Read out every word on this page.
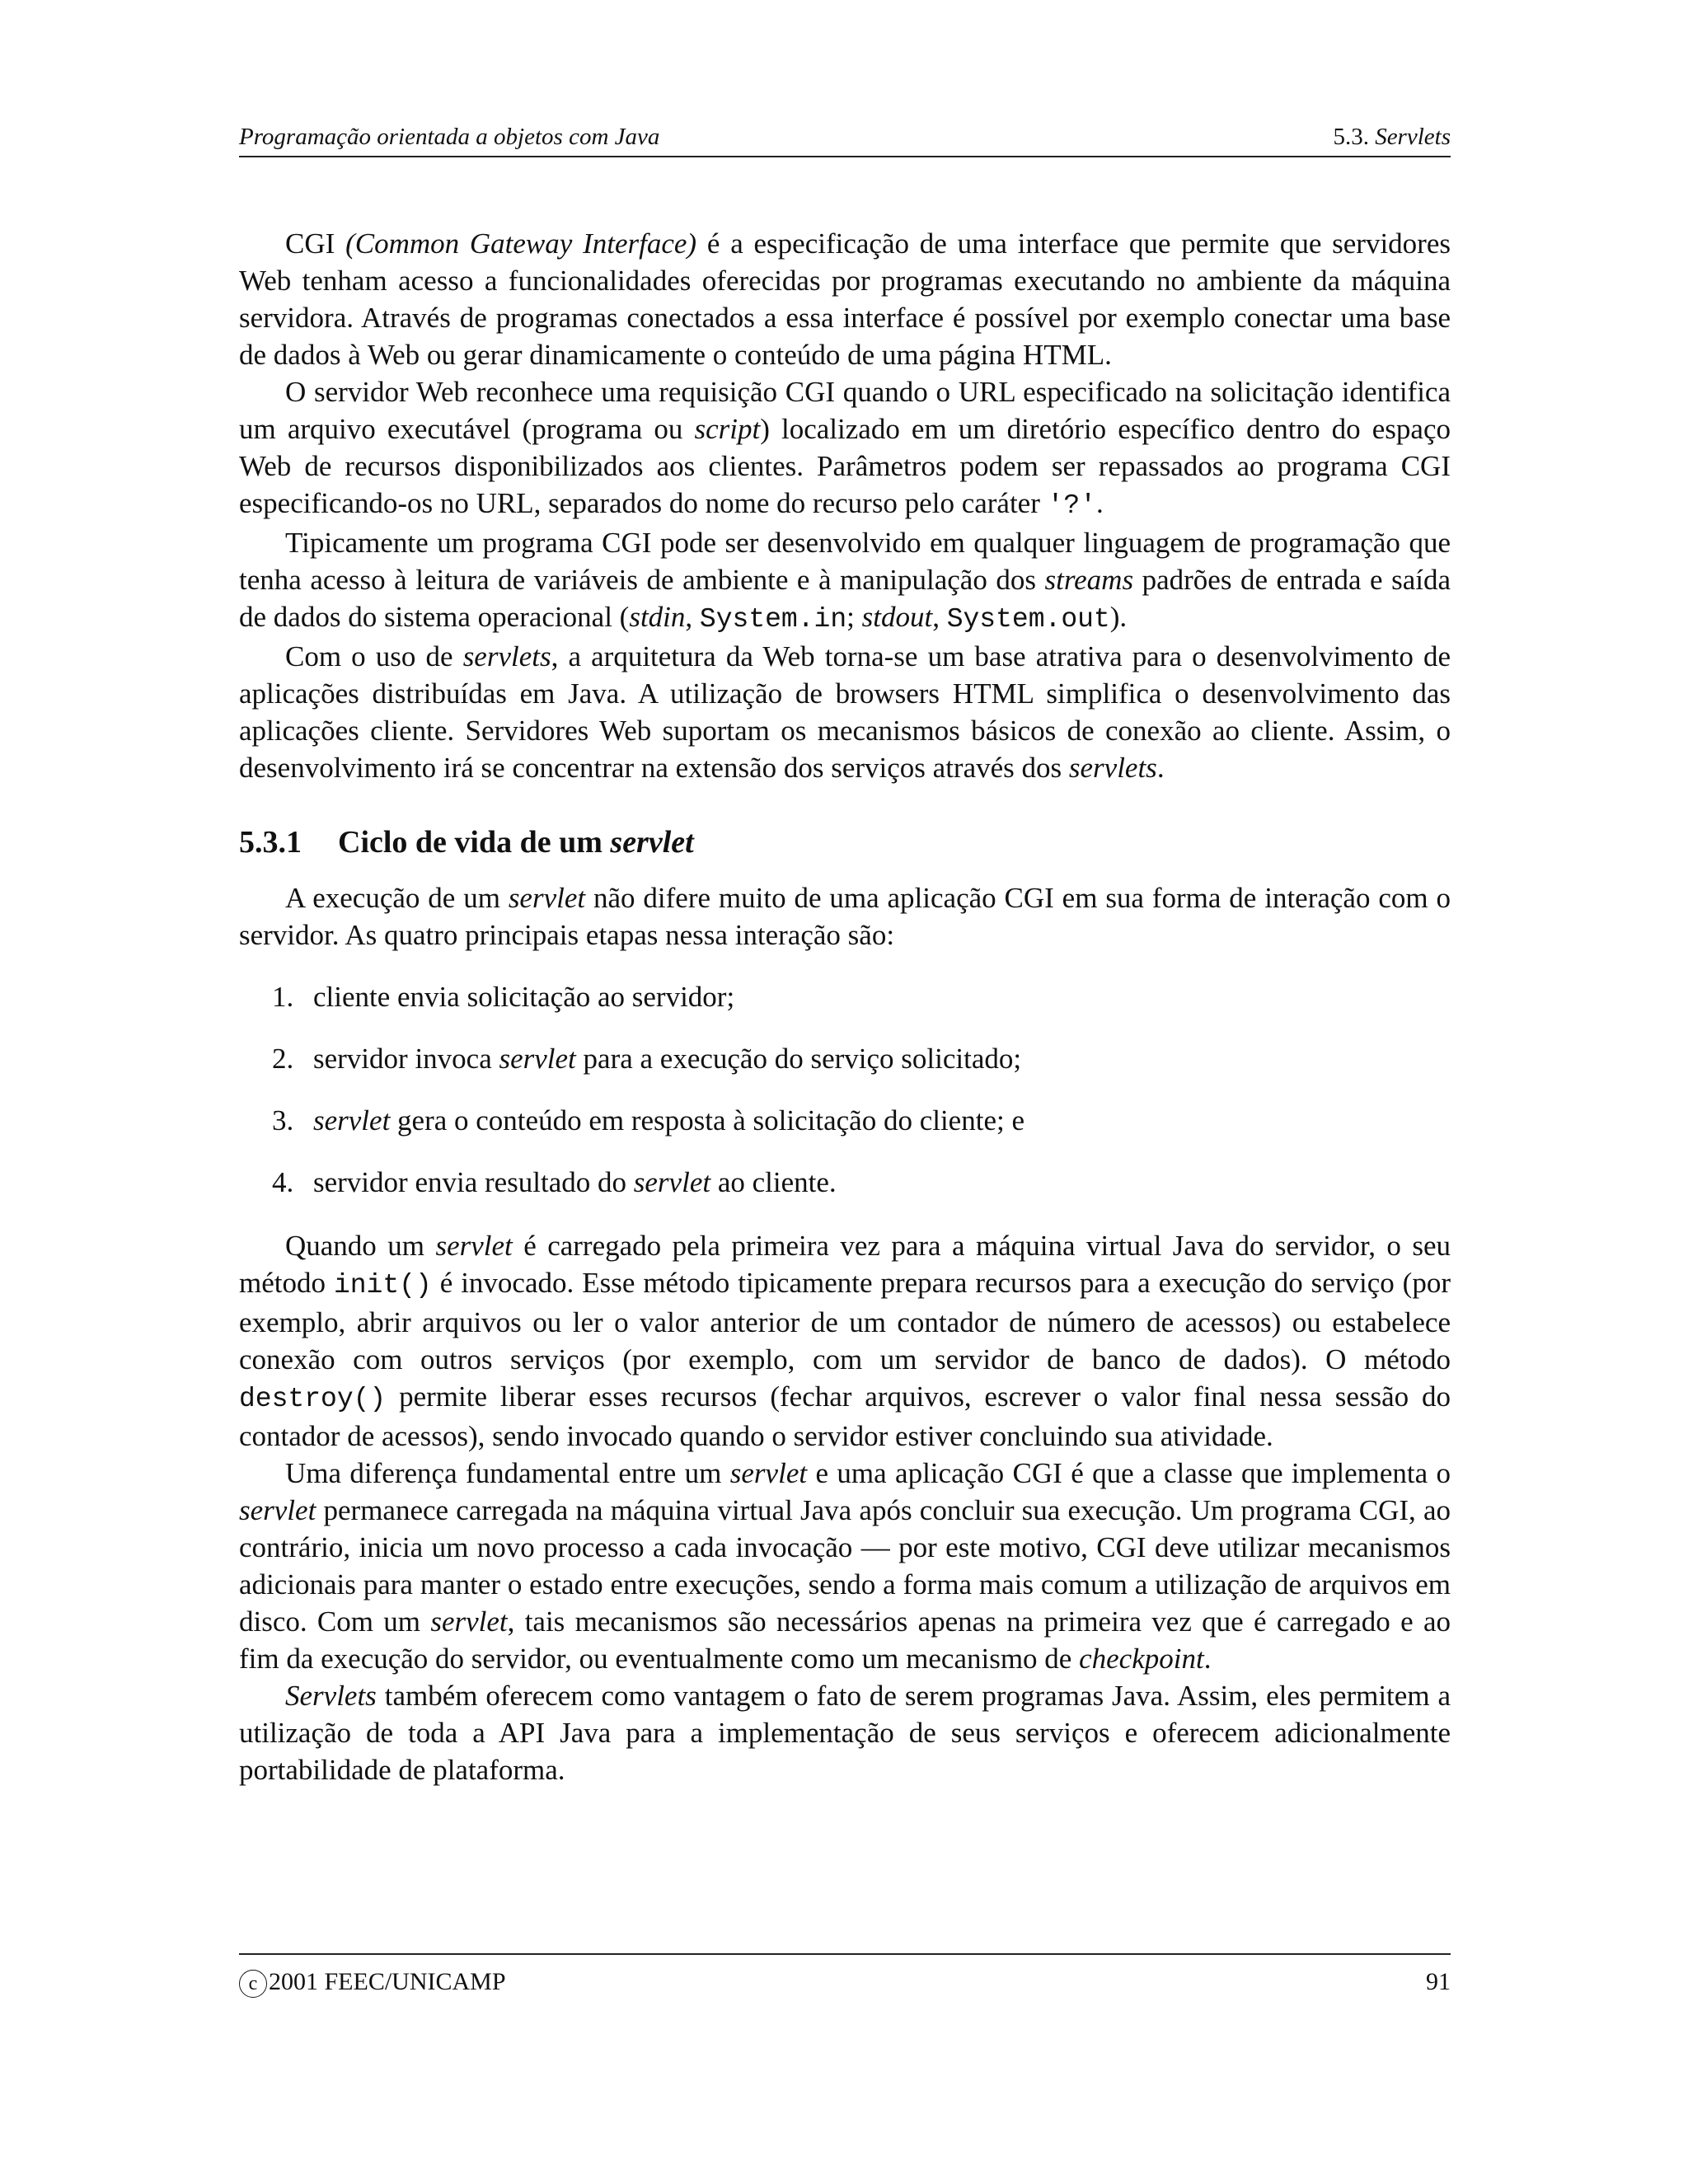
Programação orientada a objetos com Java	5.3. Servlets

CGI (Common Gateway Interface) é a especificação de uma interface que permite que servidores Web tenham acesso a funcionalidades oferecidas por programas executando no ambiente da máquina servidora. Através de programas conectados a essa interface é possível por exemplo conectar uma base de dados à Web ou gerar dinamicamente o conteúdo de uma página HTML.

O servidor Web reconhece uma requisição CGI quando o URL especificado na solicitação identifica um arquivo executável (programa ou script) localizado em um diretório específico dentro do espaço Web de recursos disponibilizados aos clientes. Parâmetros podem ser repassados ao programa CGI especificando-os no URL, separados do nome do recurso pelo caráter '?'.

Tipicamente um programa CGI pode ser desenvolvido em qualquer linguagem de programação que tenha acesso à leitura de variáveis de ambiente e à manipulação dos streams padrões de entrada e saída de dados do sistema operacional (stdin, System.in; stdout, System.out).

Com o uso de servlets, a arquitetura da Web torna-se um base atrativa para o desenvolvimento de aplicações distribuídas em Java. A utilização de browsers HTML simplifica o desenvolvimento das aplicações cliente. Servidores Web suportam os mecanismos básicos de conexão ao cliente. Assim, o desenvolvimento irá se concentrar na extensão dos serviços através dos servlets.

5.3.1 Ciclo de vida de um servlet

A execução de um servlet não difere muito de uma aplicação CGI em sua forma de interação com o servidor. As quatro principais etapas nessa interação são:

1. cliente envia solicitação ao servidor;
2. servidor invoca servlet para a execução do serviço solicitado;
3. servlet gera o conteúdo em resposta à solicitação do cliente; e
4. servidor envia resultado do servlet ao cliente.

Quando um servlet é carregado pela primeira vez para a máquina virtual Java do servidor, o seu método init() é invocado. Esse método tipicamente prepara recursos para a execução do serviço (por exemplo, abrir arquivos ou ler o valor anterior de um contador de número de acessos) ou estabelece conexão com outros serviços (por exemplo, com um servidor de banco de dados). O método destroy() permite liberar esses recursos (fechar arquivos, escrever o valor final nessa sessão do contador de acessos), sendo invocado quando o servidor estiver concluindo sua atividade.

Uma diferença fundamental entre um servlet e uma aplicação CGI é que a classe que implementa o servlet permanece carregada na máquina virtual Java após concluir sua execução. Um programa CGI, ao contrário, inicia um novo processo a cada invocação — por este motivo, CGI deve utilizar mecanismos adicionais para manter o estado entre execuções, sendo a forma mais comum a utilização de arquivos em disco. Com um servlet, tais mecanismos são necessários apenas na primeira vez que é carregado e ao fim da execução do servidor, ou eventualmente como um mecanismo de checkpoint.

Servlets também oferecem como vantagem o fato de serem programas Java. Assim, eles permitem a utilização de toda a API Java para a implementação de seus serviços e oferecem adicionalmente portabilidade de plataforma.

c 2001 FEEC/UNICAMP	91
